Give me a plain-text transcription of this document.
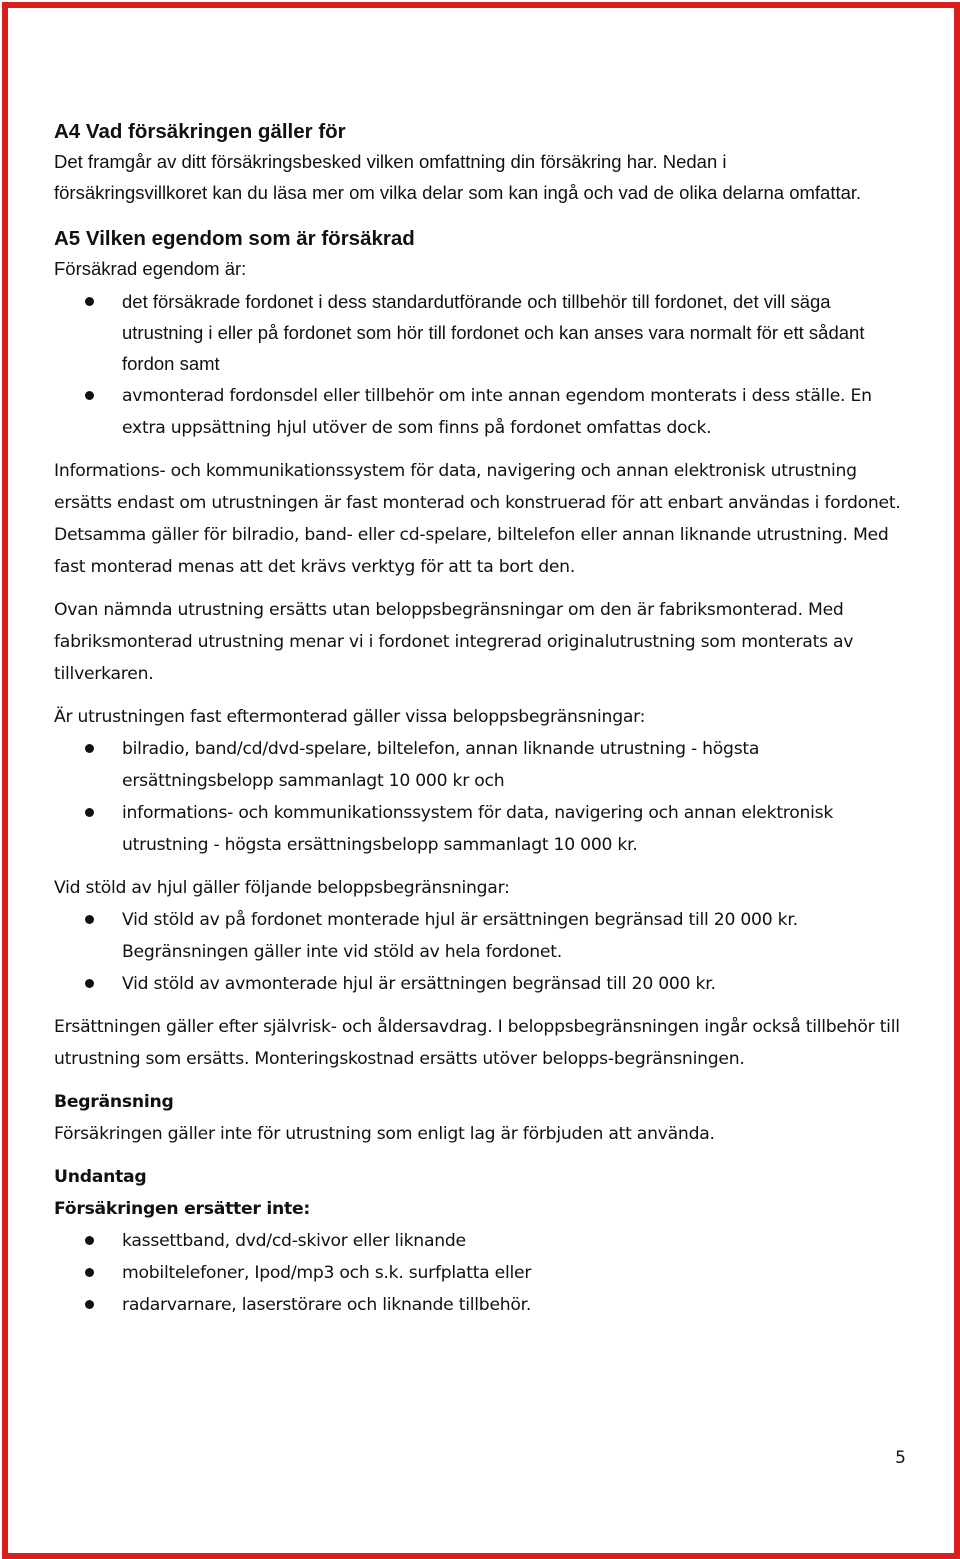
A4 Vad försäkringen gäller för

Det framgår av ditt försäkringsbesked vilken omfattning din försäkring har. Nedan i försäkringsvillkoret kan du läsa mer om vilka delar som kan ingå och vad de olika delarna omfattar.

A5 Vilken egendom som är försäkrad

Försäkrad egendom är:

det försäkrade fordonet i dess standardutförande och tillbehör till fordonet, det vill säga utrustning i eller på fordonet som hör till fordonet och kan anses vara normalt för ett sådant fordon samt
avmonterad fordonsdel eller tillbehör om inte annan egendom monterats i dess ställe. En extra uppsättning hjul utöver de som finns på fordonet omfattas dock.

Informations- och kommunikationssystem för data, navigering och annan elektronisk utrustning ersätts endast om utrustningen är fast monterad och konstruerad för att enbart användas i fordonet. Detsamma gäller för bilradio, band- eller cd-spelare, biltelefon eller annan liknande utrustning. Med fast monterad menas att det krävs verktyg för att ta bort den.

Ovan nämnda utrustning ersätts utan beloppsbegränsningar om den är fabriksmonterad. Med fabriksmonterad utrustning menar vi i fordonet integrerad originalutrustning som monterats av tillverkaren.

Är utrustningen fast eftermonterad gäller vissa beloppsbegränsningar:

bilradio, band/cd/dvd-spelare, biltelefon, annan liknande utrustning - högsta ersättningsbelopp sammanlagt 10 000 kr och
informations- och kommunikationssystem för data, navigering och annan elektronisk utrustning - högsta ersättningsbelopp sammanlagt 10 000 kr.

Vid stöld av hjul gäller följande beloppsbegränsningar:

Vid stöld av på fordonet monterade hjul är ersättningen begränsad till 20 000 kr. Begränsningen gäller inte vid stöld av hela fordonet.
Vid stöld av avmonterade hjul är ersättningen begränsad till 20 000 kr.

Ersättningen gäller efter självrisk- och åldersavdrag. I beloppsbegränsningen ingår också tillbehör till utrustning som ersätts. Monteringskostnad ersätts utöver belopps-begränsningen.

Begränsning

Försäkringen gäller inte för utrustning som enligt lag är förbjuden att använda.

Undantag

Försäkringen ersätter inte:

kassettband, dvd/cd-skivor eller liknande
mobiltelefoner, Ipod/mp3 och s.k. surfplatta eller
radarvarnare, laserstörare och liknande tillbehör.
5
